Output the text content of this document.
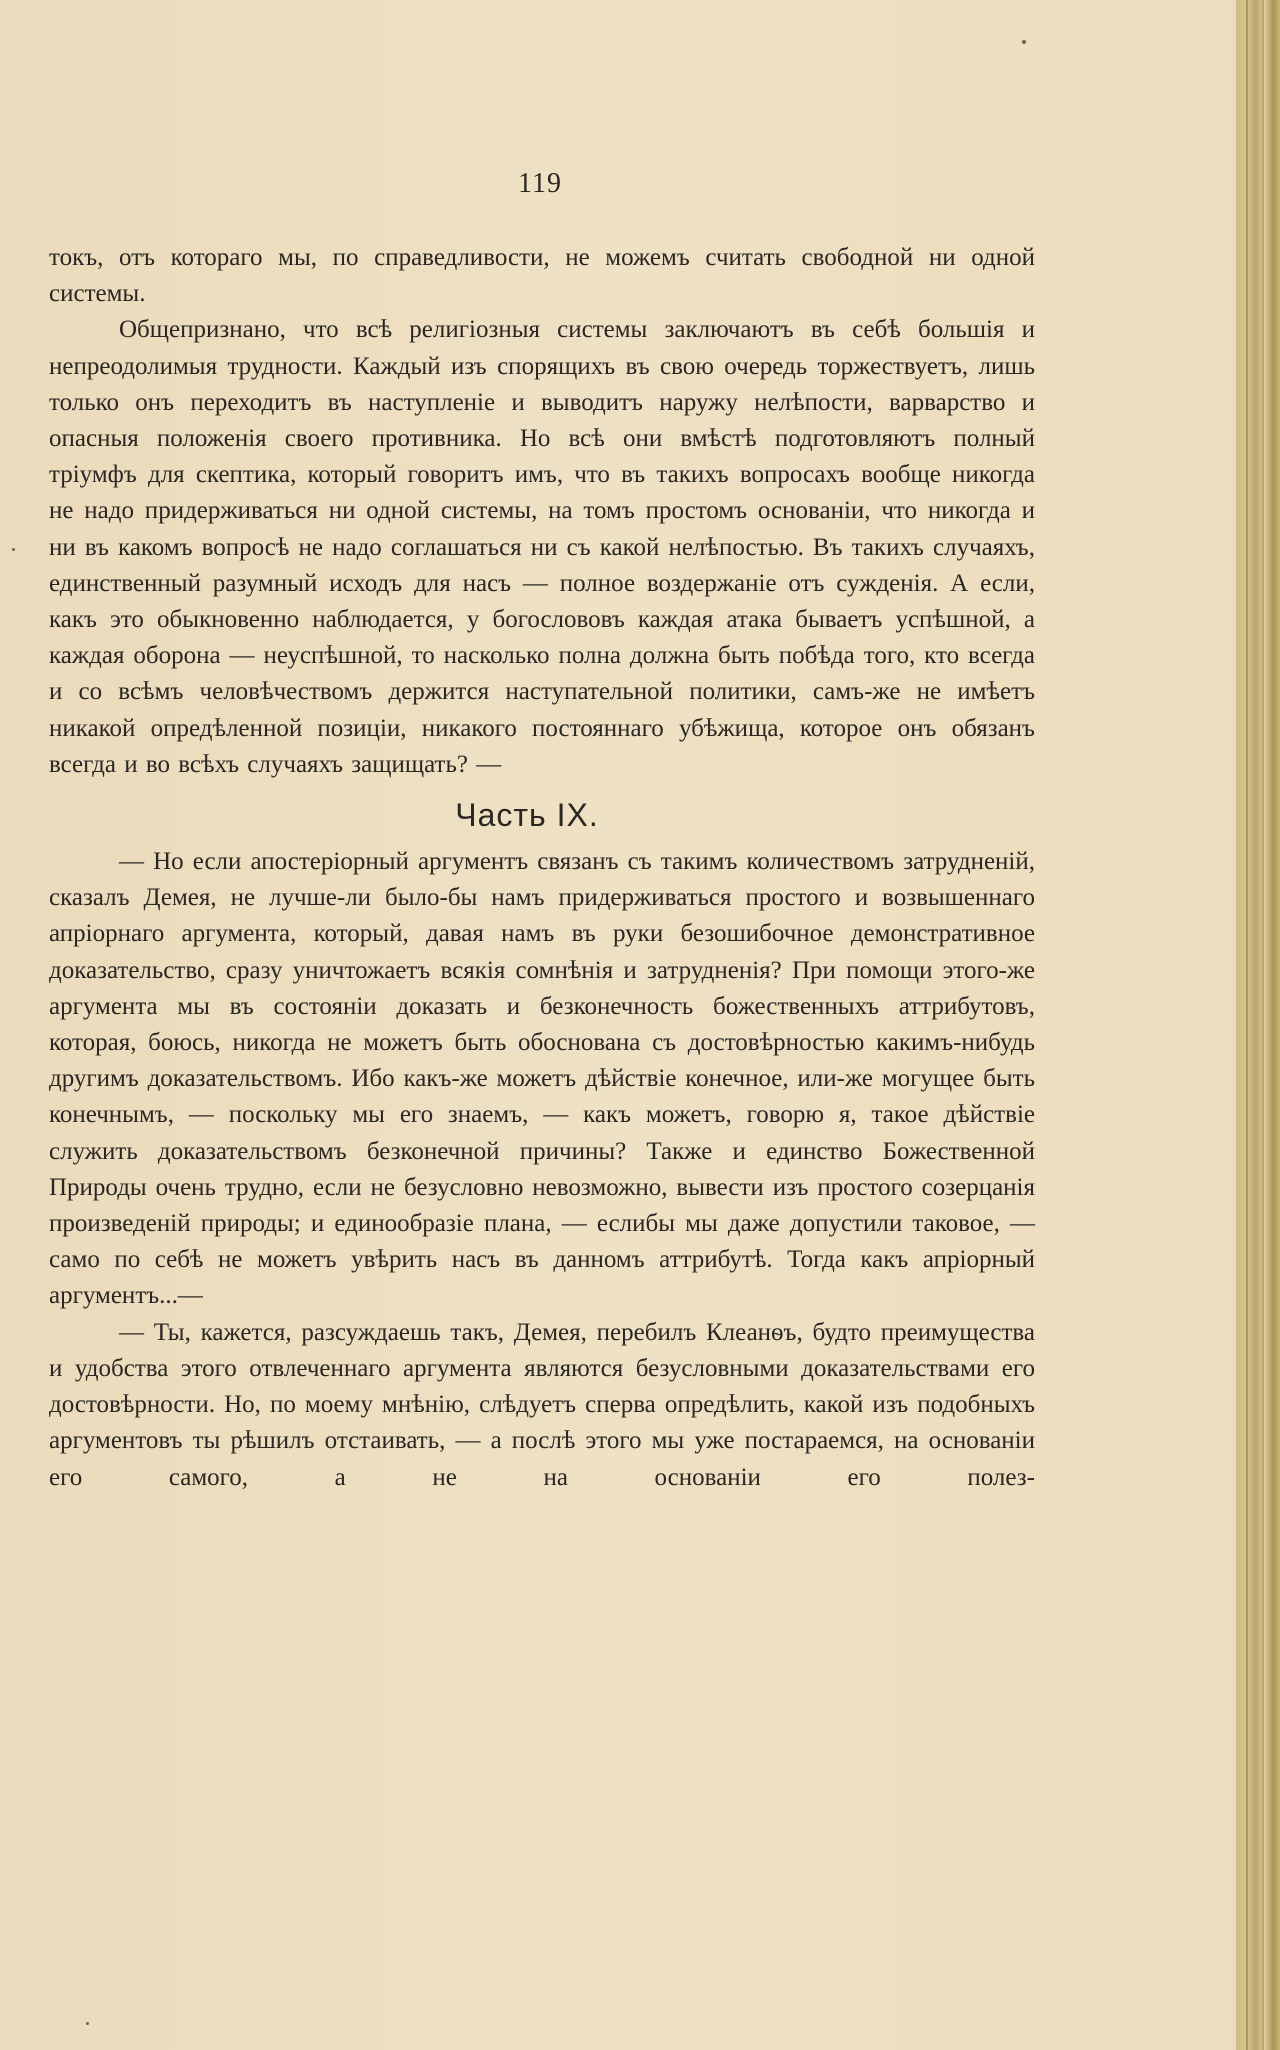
119

токъ, отъ котораго мы, по справедливости, не можемъ считать свободной ни одной системы.

Общепризнано, что всѣ религіозныя системы заключаютъ въ себѣ большія и непреодолимыя трудности. Каждый изъ спорящихъ въ свою очередь торжествуетъ, лишь только онъ переходитъ въ наступленіе и выводитъ наружу нелѣпости, варварство и опасныя положенія своего противника. Но всѣ они вмѣстѣ подготовляютъ полный тріумфъ для скептика, который говоритъ имъ, что въ такихъ вопросахъ вообще никогда не надо придерживаться ни одной системы, на томъ простомъ основаніи, что никогда и ни въ какомъ вопросѣ не надо соглашаться ни съ какой нелѣпостью. Въ такихъ случаяхъ, единственный разумный исходъ для насъ — полное воздержаніе отъ сужденія. А если, какъ это обыкновенно наблюдается, у богослововъ каждая атака бываетъ успѣшной, а каждая оборона — неуспѣшной, то насколько полна должна быть побѣда того, кто всегда и со всѣмъ человѣчествомъ держится наступательной политики, самъ-же не имѣетъ никакой опредѣленной позиціи, никакого постояннаго убѣжища, которое онъ обязанъ всегда и во всѣхъ случаяхъ защищать? —

Часть IX.

— Но если апостеріорный аргументъ связанъ съ такимъ количествомъ затрудненій, сказалъ Демея, не лучше-ли было-бы намъ придерживаться простого и возвышеннаго апріорнаго аргумента, который, давая намъ въ руки безошибочное демонстративное доказательство, сразу уничтожаетъ всякія сомнѣнія и затрудненія? При помощи этого-же аргумента мы въ состояніи доказать и безконечность божественныхъ аттрибутовъ, которая, боюсь, никогда не можетъ быть обоснована съ достовѣрностью какимъ-нибудь другимъ доказательствомъ. Ибо какъ-же можетъ дѣйствіе конечное, или-же могущее быть конечнымъ, — поскольку мы его знаемъ, — какъ можетъ, говорю я, такое дѣйствіе служить доказательствомъ безконечной причины? Также и единство Божественной Природы очень трудно, если не безусловно невозможно, вывести изъ простого созерцанія произведеній природы; и единообразіе плана, — еслибы мы даже допустили таковое, — само по себѣ не можетъ увѣрить насъ въ данномъ аттрибутѣ. Тогда какъ апріорный аргументъ...—

— Ты, кажется, разсуждаешь такъ, Демея, перебилъ Клеанѳъ, будто преимущества и удобства этого отвлеченнаго аргумента являются безусловными доказательствами его достовѣрности. Но, по моему мнѣнію, слѣдуетъ сперва опредѣлить, какой изъ подобныхъ аргументовъ ты рѣшилъ отстаивать, — а послѣ этого мы уже постараемся, на основаніи его самого, а не на основаніи его полез-
